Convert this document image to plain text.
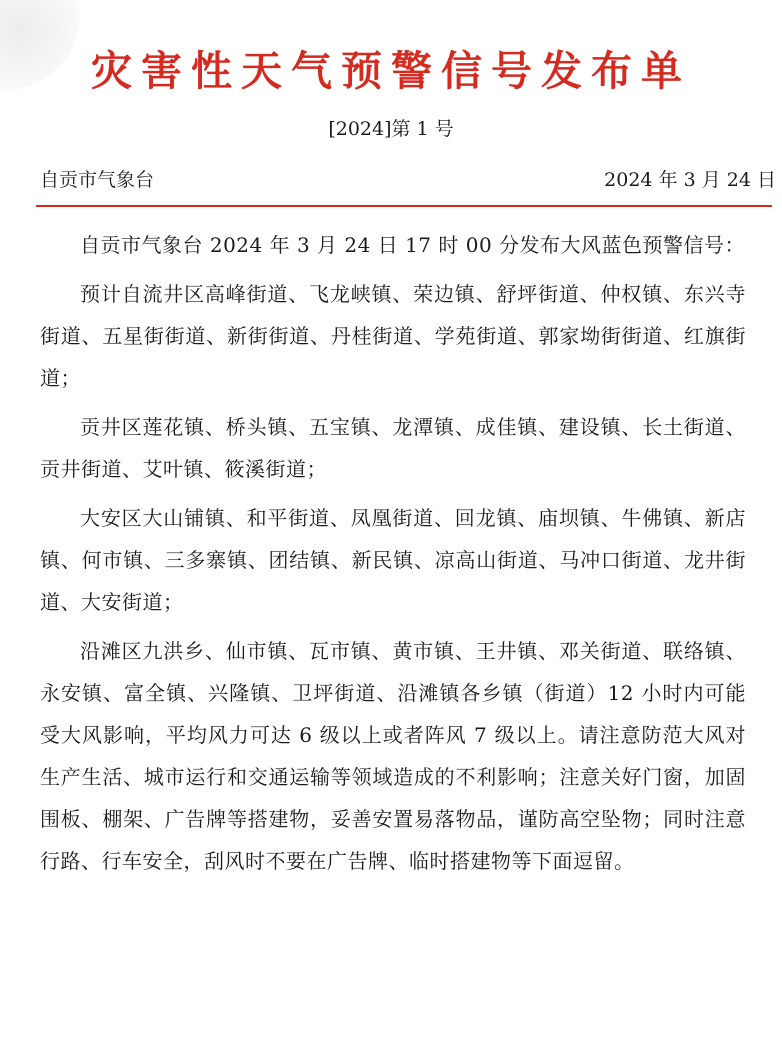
灾害性天气预警信号发布单
[2024]第 1 号
自贡市气象台	2024 年 3 月 24 日

自贡市气象台 2024 年 3 月 24 日 17 时 00 分发布大风蓝色预警信号：

预计自流井区高峰街道、飞龙峡镇、荣边镇、舒坪街道、仲权镇、东兴寺街道、五星街街道、新街街道、丹桂街道、学苑街道、郭家坳街街道、红旗街道；

贡井区莲花镇、桥头镇、五宝镇、龙潭镇、成佳镇、建设镇、长土街道、贡井街道、艾叶镇、筱溪街道；

大安区大山铺镇、和平街道、凤凰街道、回龙镇、庙坝镇、牛佛镇、新店镇、何市镇、三多寨镇、团结镇、新民镇、凉高山街道、马冲口街道、龙井街道、大安街道；

沿滩区九洪乡、仙市镇、瓦市镇、黄市镇、王井镇、邓关街道、联络镇、永安镇、富全镇、兴隆镇、卫坪街道、沿滩镇各乡镇（街道）12 小时内可能受大风影响，平均风力可达 6 级以上或者阵风 7 级以上。请注意防范大风对生产生活、城市运行和交通运输等领域造成的不利影响；注意关好门窗，加固围板、棚架、广告牌等搭建物，妥善安置易落物品，谨防高空坠物；同时注意行路、行车安全，刮风时不要在广告牌、临时搭建物等下面逗留。
